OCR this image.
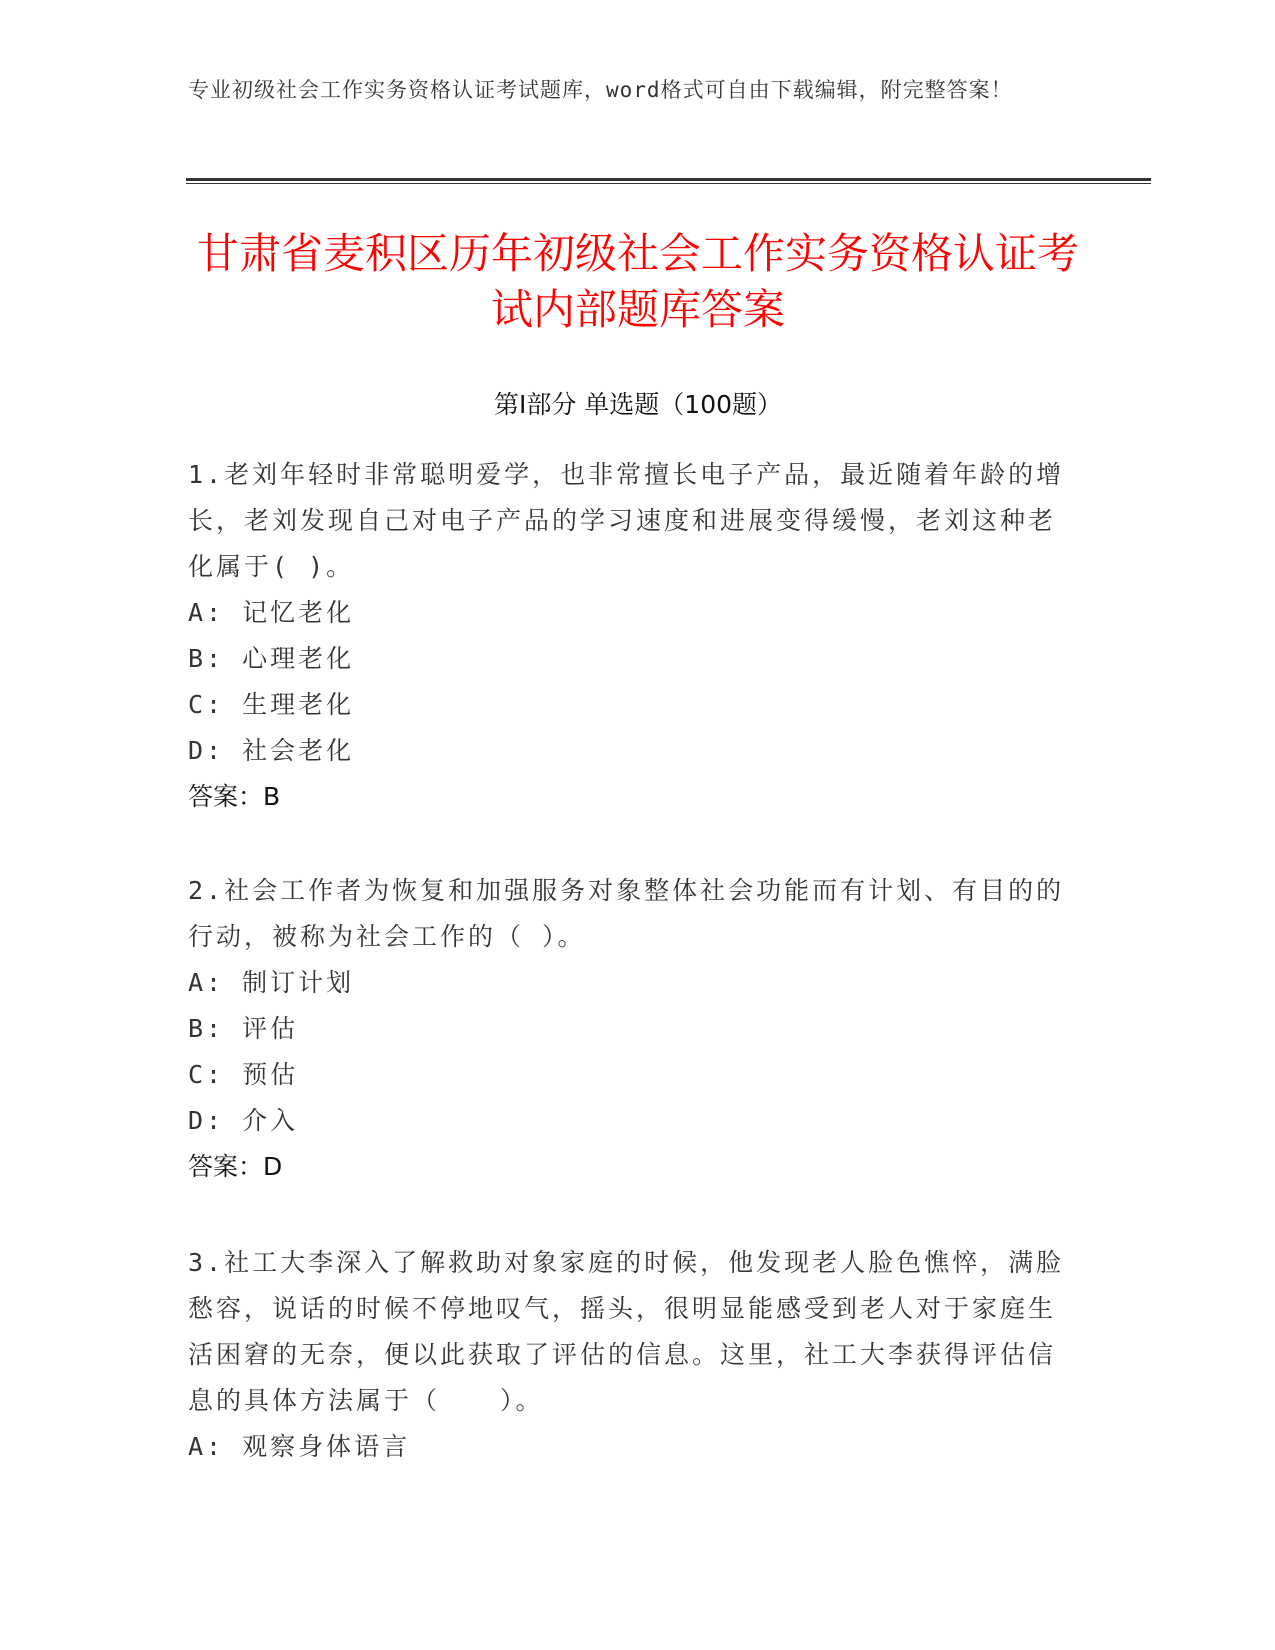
专业初级社会工作实务资格认证考试题库，word格式可自由下载编辑，附完整答案！
甘肃省麦积区历年初级社会工作实务资格认证考试内部题库答案
第Ⅰ部分 单选题（100题）

1.老刘年轻时非常聪明爱学，也非常擅长电子产品，最近随着年龄的增长，老刘发现自己对电子产品的学习速度和进展变得缓慢，老刘这种老化属于( )。

A: 记忆老化

B: 心理老化

C: 生理老化

D: 社会老化

答案：B

2.社会工作者为恢复和加强服务对象整体社会功能而有计划、有目的的行动，被称为社会工作的（ ）。

A: 制订计划

B: 评估

C: 预估

D: 介入

答案：D

3.社工大李深入了解救助对象家庭的时候，他发现老人脸色憔悴，满脸愁容，说话的时候不停地叹气，摇头，很明显能感受到老人对于家庭生活困窘的无奈，便以此获取了评估的信息。这里，社工大李获得评估信息的具体方法属于（ ）。

A: 观察身体语言
